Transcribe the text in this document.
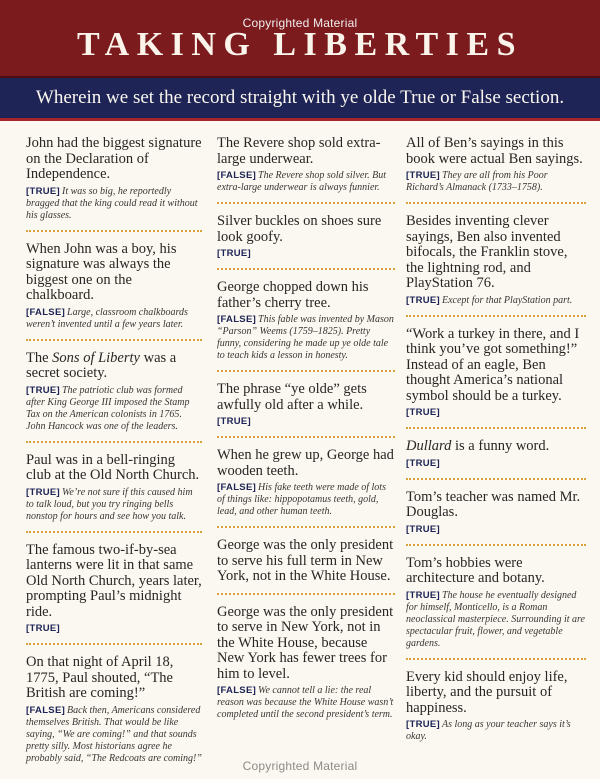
TAKING LIBERTIES
Wherein we set the record straight with ye olde True or False section.
Copyrighted Material

John had the biggest signature on the Declaration of Independence.

[TRUE] It was so big, he reportedly bragged that the king could read it without his glasses.

When John was a boy, his signature was always the biggest one on the chalkboard.

[FALSE] Large, classroom chalkboards weren’t invented until a few years later.

The Sons of Liberty was a secret society.

[TRUE] The patriotic club was formed after King George III imposed the Stamp Tax on the American colonists in 1765. John Hancock was one of the leaders.

Paul was in a bell-ringing club at the Old North Church.

[TRUE] We’re not sure if this caused him to talk loud, but you try ringing bells nonstop for hours and see how you talk.

The famous two-if-by-sea lanterns were lit in that same Old North Church, years later, prompting Paul’s midnight ride.

[TRUE]

On that night of April 18, 1775, Paul shouted, “The British are coming!”

[FALSE] Back then, Americans considered themselves British. That would be like saying, “We are coming!” and that sounds pretty silly. Most historians agree he probably said, “The Redcoats are coming!”

The Revere shop sold extra-large underwear.

[FALSE] The Revere shop sold silver. But extra-large underwear is always funnier.

Silver buckles on shoes sure look goofy.

[TRUE]

George chopped down his father’s cherry tree.

[FALSE] This fable was invented by Mason “Parson” Weems (1759–1825). Pretty funny, considering he made up ye olde tale to teach kids a lesson in honesty.

The phrase “ye olde” gets awfully old after a while.

[TRUE]

When he grew up, George had wooden teeth.

[FALSE] His fake teeth were made of lots of things like: hippopotamus teeth, gold, lead, and other human teeth.

George was the only president to serve his full term in New York, not in the White House.

George was the only president to serve in New York, not in the White House, because New York has fewer trees for him to level.

[FALSE] We cannot tell a lie: the real reason was because the White House wasn’t completed until the second president’s term.

All of Ben’s sayings in this book were actual Ben sayings.

[TRUE] They are all from his Poor Richard’s Almanack (1733–1758).

Besides inventing clever sayings, Ben also invented bifocals, the Franklin stove, the lightning rod, and PlayStation 76.

[TRUE] Except for that PlayStation part.

“Work a turkey in there, and I think you’ve got something!” Instead of an eagle, Ben thought America’s national symbol should be a turkey.

[TRUE]

Dullard is a funny word.

[TRUE]

Tom’s teacher was named Mr. Douglas.

[TRUE]

Tom’s hobbies were architecture and botany.

[TRUE] The house he eventually designed for himself, Monticello, is a Roman neoclassical masterpiece. Surrounding it are spectacular fruit, flower, and vegetable gardens.

Every kid should enjoy life, liberty, and the pursuit of happiness.

[TRUE] As long as your teacher says it’s okay.
Copyrighted Material
